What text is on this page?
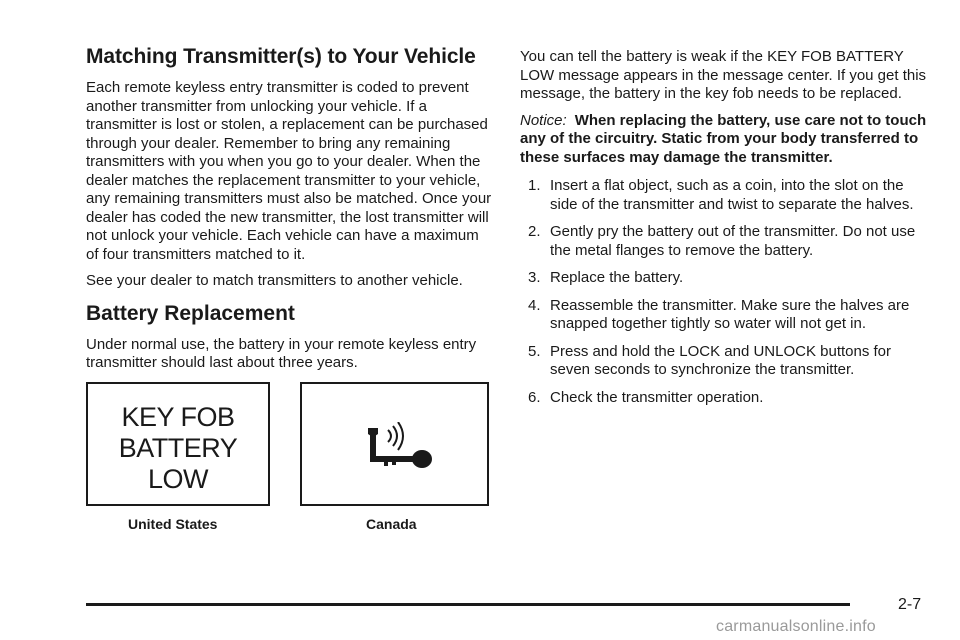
Matching Transmitter(s) to Your Vehicle

Each remote keyless entry transmitter is coded to prevent another transmitter from unlocking your vehicle. If a transmitter is lost or stolen, a replacement can be purchased through your dealer. Remember to bring any remaining transmitters with you when you go to your dealer. When the dealer matches the replacement transmitter to your vehicle, any remaining transmitters must also be matched. Once your dealer has coded the new transmitter, the lost transmitter will not unlock your vehicle. Each vehicle can have a maximum of four transmitters matched to it.

See your dealer to match transmitters to another vehicle.

Battery Replacement

Under normal use, the battery in your remote keyless entry transmitter should last about three years.

KEY FOB
BATTERY
LOW
United States	Canada

You can tell the battery is weak if the KEY FOB BATTERY LOW message appears in the message center. If you get this message, the battery in the key fob needs to be replaced.

Notice: When replacing the battery, use care not to touch any of the circuitry. Static from your body transferred to these surfaces may damage the transmitter.

1. Insert a flat object, such as a coin, into the slot on the side of the transmitter and twist to separate the halves.
2. Gently pry the battery out of the transmitter. Do not use the metal flanges to remove the battery.
3. Replace the battery.
4. Reassemble the transmitter. Make sure the halves are snapped together tightly so water will not get in.
5. Press and hold the LOCK and UNLOCK buttons for seven seconds to synchronize the transmitter.
6. Check the transmitter operation.
2-7
carmanualsonline.info
